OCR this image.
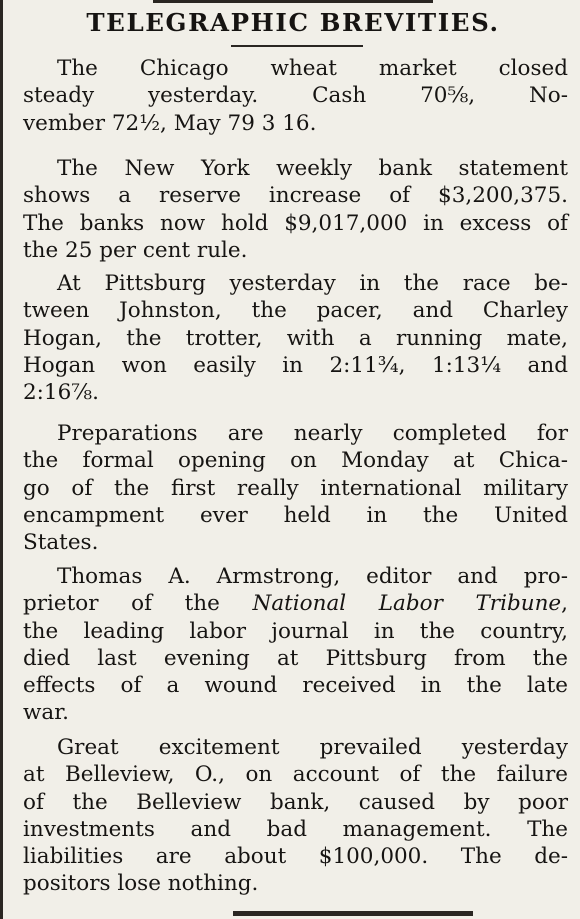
TELEGRAPHIC BREVITIES.
The Chicago wheat market closed
steady yesterday. Cash 70⅝, No-
vember 72½, May 79 3 16.
The New York weekly bank statement
shows a reserve increase of $3,200,375.
The banks now hold $9,017,000 in excess of
the 25 per cent rule.
At Pittsburg yesterday in the race be-
tween Johnston, the pacer, and Charley
Hogan, the trotter, with a running mate,
Hogan won easily in 2:11¾, 1:13¼ and
2:16⅞.
Preparations are nearly completed for
the formal opening on Monday at Chica-
go of the first really international military
encampment ever held in the United
States.
Thomas A. Armstrong, editor and pro-
prietor of the National Labor Tribune,
the leading labor journal in the country,
died last evening at Pittsburg from the
effects of a wound received in the late
war.
Great excitement prevailed yesterday
at Belleview, O., on account of the failure
of the Belleview bank, caused by poor
investments and bad management. The
liabilities are about $100,000. The de-
positors lose nothing.
